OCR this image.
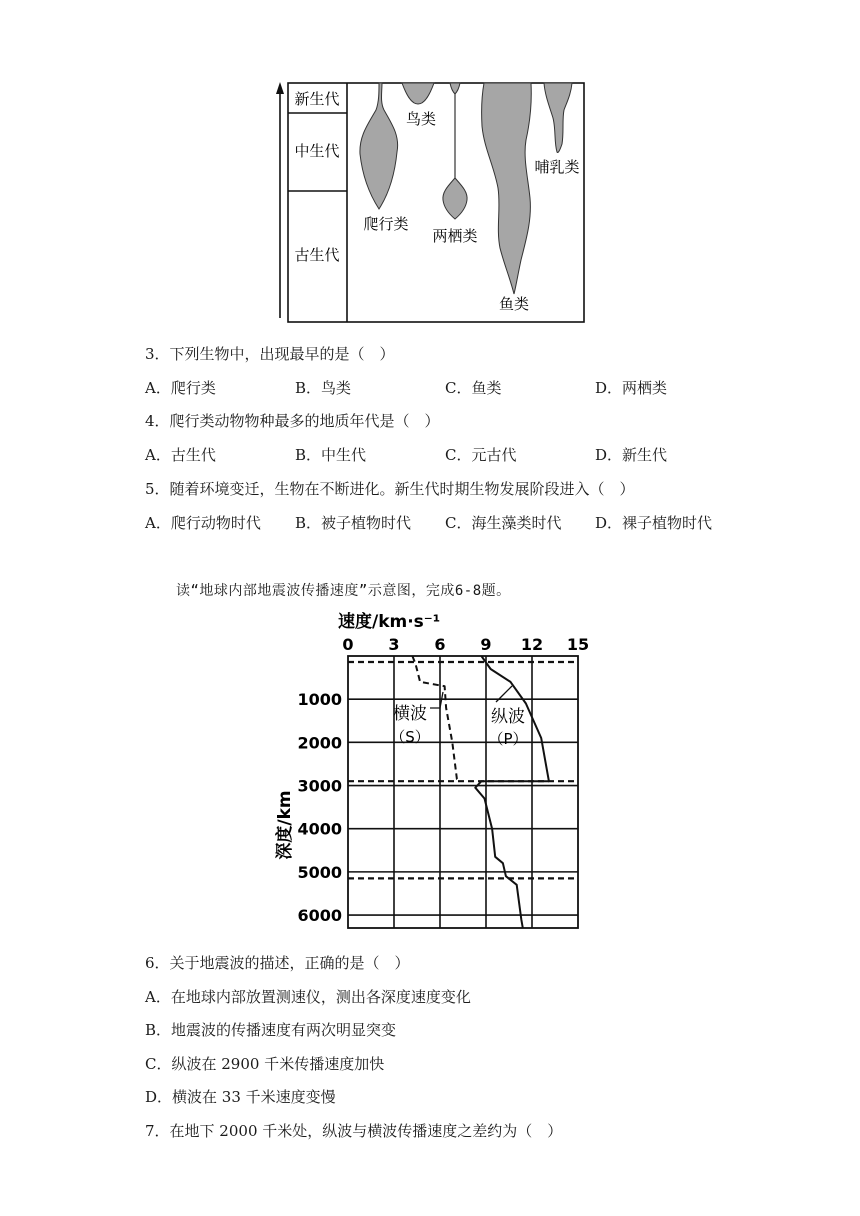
新生代
中生代
古生代
鸟类
哺乳类
爬行类
两栖类
鱼类
3．下列生物中，出现最早的是（　）
A．爬行类	B．鸟类	C．鱼类	D．两栖类
4．爬行类动物物种最多的地质年代是（　）
A．古生代	B．中生代	C．元古代	D．新生代
5．随着环境变迁，生物在不断进化。新生代时期生物发展阶段进入（　）
A．爬行动物时代 B．被子植物时代 C．海生藻类时代 D．裸子植物时代
读“地球内部地震波传播速度”示意图，完成6-8题。
速度/km·s⁻¹
0 3 6 9 12 15
1000
2000
3000
4000
5000
6000
深度/km
横波
（S）
纵波
（P）
6．关于地震波的描述，正确的是（　）
A．在地球内部放置测速仪，测出各深度速度变化
B．地震波的传播速度有两次明显突变
C．纵波在 2900 千米传播速度加快
D．横波在 33 千米速度变慢
7．在地下 2000 千米处，纵波与横波传播速度之差约为（　）
